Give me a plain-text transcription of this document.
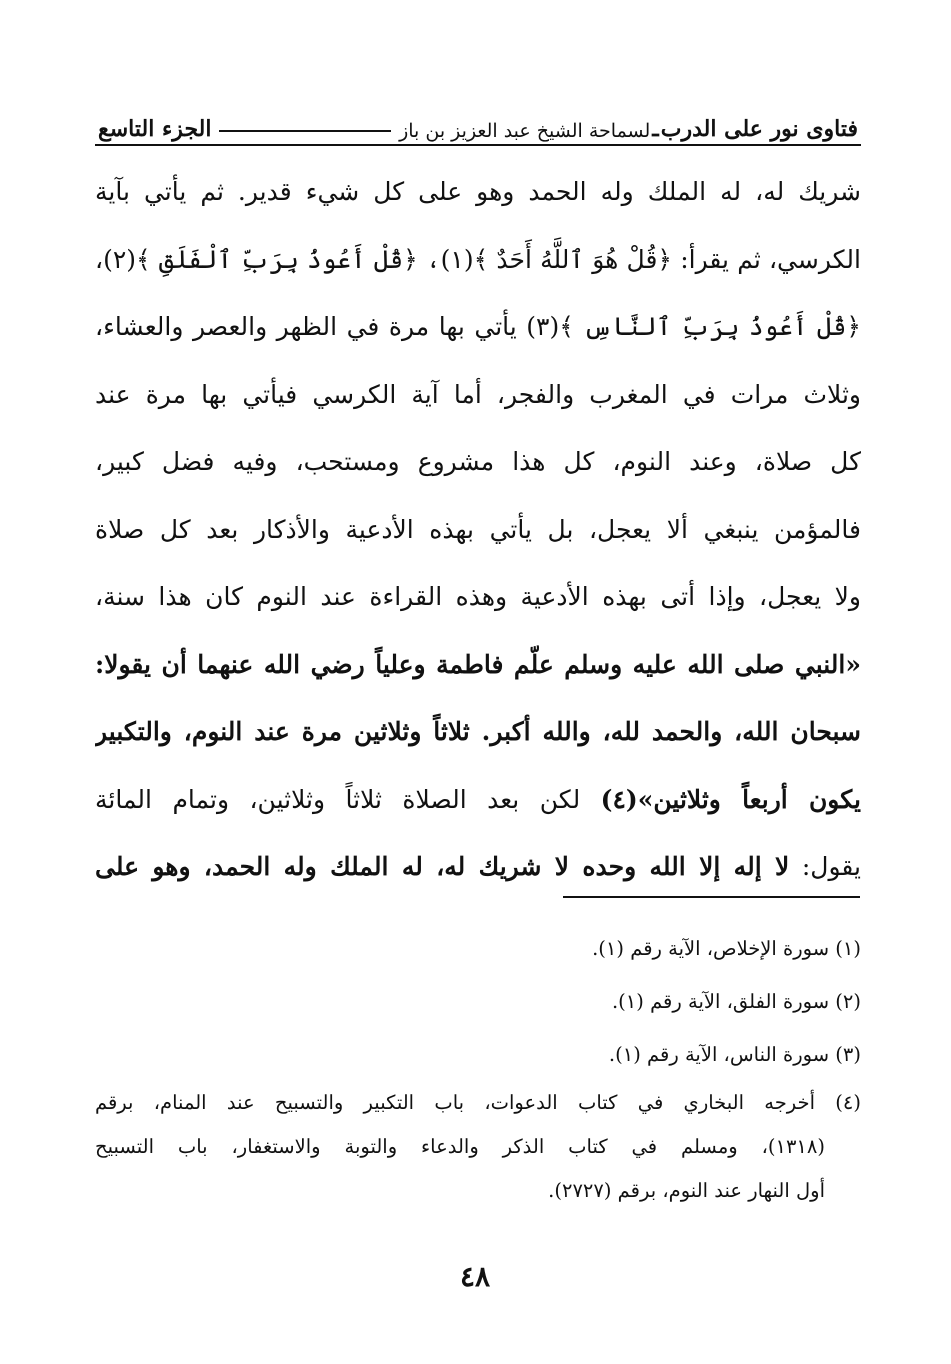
فتاوى نور على الدرب
ـ
لسماحة الشيخ عبد العزيز بن باز
الجزء التاسع
شريك له، له الملك وله الحمد وهو على كل شيء قدير. ثم يأتي بآية
الكرسي، ثم يقرأ: ﴿قُلْ هُوَ ٱللَّهُ أَحَدٌ ﴾(١)، ﴿قُلْ أَعُوذُ بِرَبِّ ٱلْفَلَقِ ﴾(٢)،
﴿قُلْ أَعُوذُ بِرَبِّ ٱلنَّاسِ ﴾(٣) يأتي بها مرة في الظهر والعصر والعشاء،
وثلاث مرات في المغرب والفجر، أما آية الكرسي فيأتي بها مرة عند
كل صلاة، وعند النوم، كل هذا مشروع ومستحب، وفيه فضل كبير،
فالمؤمن ينبغي ألا يعجل، بل يأتي بهذه الأدعية والأذكار بعد كل صلاة
ولا يعجل، وإذا أتى بهذه الأدعية وهذه القراءة عند النوم كان هذا سنة،
«النبي صلى الله عليه وسلم علّم فاطمة وعلياً رضي الله عنهما أن يقولا:
سبحان الله، والحمد لله، والله أكبر. ثلاثاً وثلاثين مرة عند النوم، والتكبير
يكون أربعاً وثلاثين»(٤) لكن بعد الصلاة ثلاثاً وثلاثين، وتمام المائة
يقول: لا إله إلا الله وحده لا شريك له، له الملك وله الحمد، وهو على
(١) سورة الإخلاص، الآية رقم (١).
(٢) سورة الفلق، الآية رقم (١).
(٣) سورة الناس، الآية رقم (١).
(٤) أخرجه البخاري في كتاب الدعوات، باب التكبير والتسبيح عند المنام، برقم
(١٣١٨)، ومسلم في كتاب الذكر والدعاء والتوبة والاستغفار، باب التسبيح
أول النهار عند النوم، برقم (٢٧٢٧).
٤٨
